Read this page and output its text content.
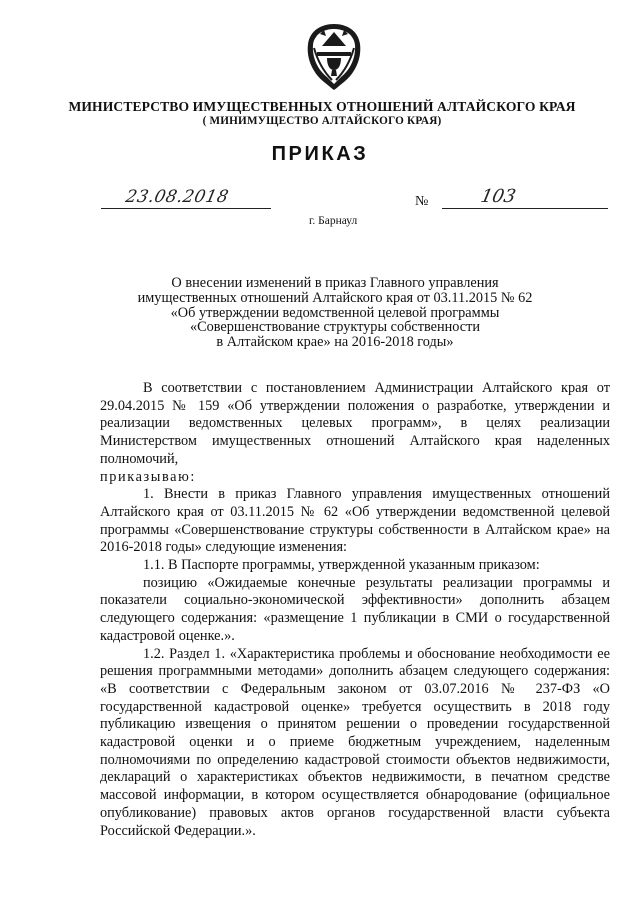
МИНИСТЕРСТВО ИМУЩЕСТВЕННЫХ ОТНОШЕНИЙ АЛТАЙСКОГО КРАЯ
( МИНИМУЩЕСТВО АЛТАЙСКОГО КРАЯ)
ПРИКАЗ
23.08.2018	№	103
г. Барнаул
О внесении изменений в приказ Главного управления
имущественных отношений Алтайского края от 03.11.2015 № 62
«Об утверждении ведомственной целевой программы
«Совершенствование структуры собственности
в Алтайском крае» на 2016-2018 годы»

В соответствии с постановлением Администрации Алтайского края от 29.04.2015 № 159 «Об утверждении положения о разработке, утверждении и реализации ведомственных целевых программ», в целях реализации Министерством имущественных отношений Алтайского края наделенных полномочий,

приказываю:

1. Внести в приказ Главного управления имущественных отношений Алтайского края от 03.11.2015 № 62 «Об утверждении ведомственной целевой программы «Совершенствование структуры собственности в Алтайском крае» на 2016-2018 годы» следующие изменения:

1.1. В Паспорте программы, утвержденной указанным приказом:

позицию «Ожидаемые конечные результаты реализации программы и показатели социально-экономической эффективности» дополнить абзацем следующего содержания: «размещение 1 публикации в СМИ о государственной кадастровой оценке.».

1.2. Раздел 1. «Характеристика проблемы и обоснование необходимости ее решения программными методами» дополнить абзацем следующего содержания: «В соответствии с Федеральным законом от 03.07.2016 № 237-ФЗ «О государственной кадастровой оценке» требуется осуществить в 2018 году публикацию извещения о принятом решении о проведении государственной кадастровой оценки и о приеме бюджетным учреждением, наделенным полномочиями по определению кадастровой стоимости объектов недвижимости, деклараций о характеристиках объектов недвижимости, в печатном средстве массовой информации, в котором осуществляется обнародование (официальное опубликование) правовых актов органов государственной власти субъекта Российской Федерации.».
